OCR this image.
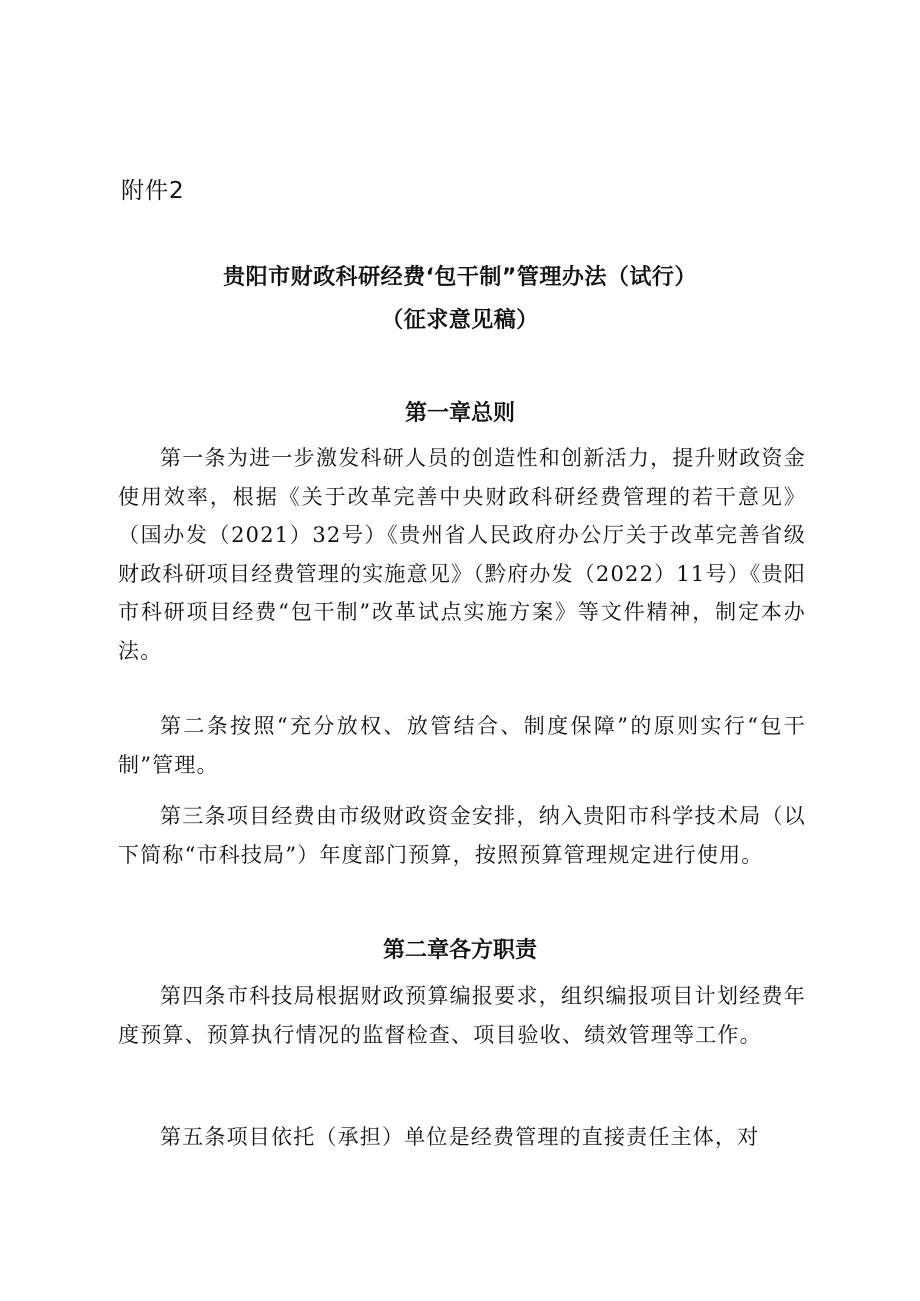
附件2
贵阳市财政科研经费‘包干制”管理办法（试行）
（征求意见稿）
第一章总则

第一条为进一步激发科研人员的创造性和创新活力，提升财政资金使用效率，根据《关于改革完善中央财政科研经费管理的若干意见》（国办发（2021）32号）《贵州省人民政府办公厅关于改革完善省级财政科研项目经费管理的实施意见》（黔府办发（2022）11号）《贵阳市科研项目经费“包干制”改革试点实施方案》等文件精神，制定本办法。

第二条按照“充分放权、放管结合、制度保障”的原则实行“包干制”管理。

第三条项目经费由市级财政资金安排，纳入贵阳市科学技术局（以下简称“市科技局”）年度部门预算，按照预算管理规定进行使用。

第二章各方职责

第四条市科技局根据财政预算编报要求，组织编报项目计划经费年度预算、预算执行情况的监督检查、项目验收、绩效管理等工作。

第五条项目依托（承担）单位是经费管理的直接责任主体，对
